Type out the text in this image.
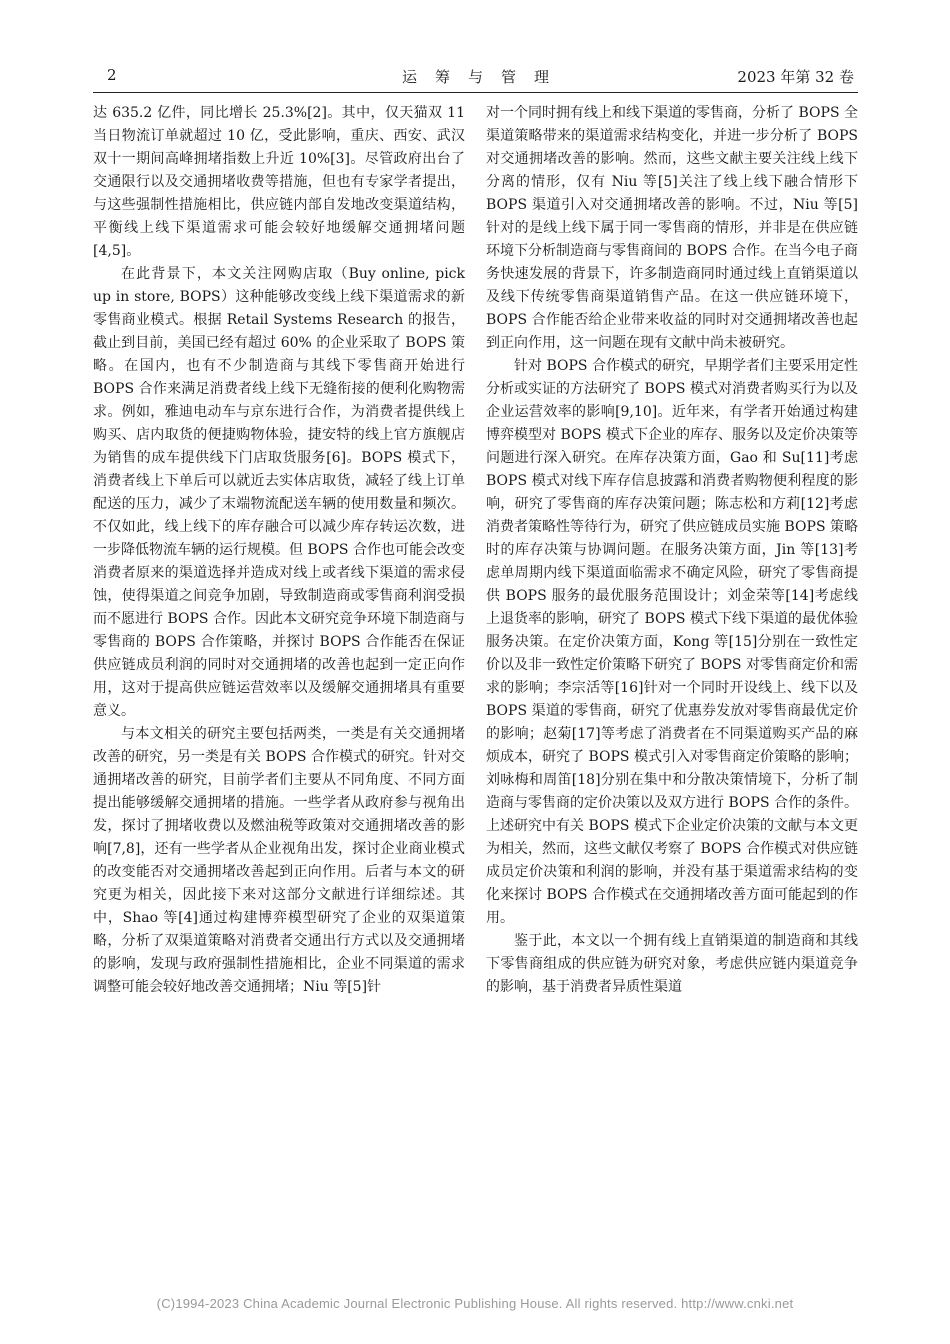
2	运筹与管理	2023 年第 32 卷

达 635.2 亿件，同比增长 25.3%[2]。其中，仅天猫双 11 当日物流订单就超过 10 亿，受此影响，重庆、西安、武汉双十一期间高峰拥堵指数上升近 10%[3]。尽管政府出台了交通限行以及交通拥堵收费等措施，但也有专家学者提出，与这些强制性措施相比，供应链内部自发地改变渠道结构，平衡线上线下渠道需求可能会较好地缓解交通拥堵问题[4,5]。

在此背景下，本文关注网购店取（Buy online, pick up in store, BOPS）这种能够改变线上线下渠道需求的新零售商业模式。根据 Retail Systems Research 的报告，截止到目前，美国已经有超过 60% 的企业采取了 BOPS 策略。在国内，也有不少制造商与其线下零售商开始进行 BOPS 合作来满足消费者线上线下无缝衔接的便利化购物需求。例如，雅迪电动车与京东进行合作，为消费者提供线上购买、店内取货的便捷购物体验，捷安特的线上官方旗舰店为销售的成车提供线下门店取货服务[6]。BOPS 模式下，消费者线上下单后可以就近去实体店取货，减轻了线上订单配送的压力，减少了末端物流配送车辆的使用数量和频次。不仅如此，线上线下的库存融合可以减少库存转运次数，进一步降低物流车辆的运行规模。但 BOPS 合作也可能会改变消费者原来的渠道选择并造成对线上或者线下渠道的需求侵蚀，使得渠道之间竞争加剧，导致制造商或零售商利润受损而不愿进行 BOPS 合作。因此本文研究竞争环境下制造商与零售商的 BOPS 合作策略，并探讨 BOPS 合作能否在保证供应链成员利润的同时对交通拥堵的改善也起到一定正向作用，这对于提高供应链运营效率以及缓解交通拥堵具有重要意义。

与本文相关的研究主要包括两类，一类是有关交通拥堵改善的研究，另一类是有关 BOPS 合作模式的研究。针对交通拥堵改善的研究，目前学者们主要从不同角度、不同方面提出能够缓解交通拥堵的措施。一些学者从政府参与视角出发，探讨了拥堵收费以及燃油税等政策对交通拥堵改善的影响[7,8]，还有一些学者从企业视角出发，探讨企业商业模式的改变能否对交通拥堵改善起到正向作用。后者与本文的研究更为相关，因此接下来对这部分文献进行详细综述。其中，Shao 等[4]通过构建博弈模型研究了企业的双渠道策略，分析了双渠道策略对消费者交通出行方式以及交通拥堵的影响，发现与政府强制性措施相比，企业不同渠道的需求调整可能会较好地改善交通拥堵；Niu 等[5]针

对一个同时拥有线上和线下渠道的零售商，分析了 BOPS 全渠道策略带来的渠道需求结构变化，并进一步分析了 BOPS 对交通拥堵改善的影响。然而，这些文献主要关注线上线下分离的情形，仅有 Niu 等[5]关注了线上线下融合情形下 BOPS 渠道引入对交通拥堵改善的影响。不过，Niu 等[5]针对的是线上线下属于同一零售商的情形，并非是在供应链环境下分析制造商与零售商间的 BOPS 合作。在当今电子商务快速发展的背景下，许多制造商同时通过线上直销渠道以及线下传统零售商渠道销售产品。在这一供应链环境下，BOPS 合作能否给企业带来收益的同时对交通拥堵改善也起到正向作用，这一问题在现有文献中尚未被研究。

针对 BOPS 合作模式的研究，早期学者们主要采用定性分析或实证的方法研究了 BOPS 模式对消费者购买行为以及企业运营效率的影响[9,10]。近年来，有学者开始通过构建博弈模型对 BOPS 模式下企业的库存、服务以及定价决策等问题进行深入研究。在库存决策方面，Gao 和 Su[11]考虑 BOPS 模式对线下库存信息披露和消费者购物便利程度的影响，研究了零售商的库存决策问题；陈志松和方莉[12]考虑消费者策略性等待行为，研究了供应链成员实施 BOPS 策略时的库存决策与协调问题。在服务决策方面，Jin 等[13]考虑单周期内线下渠道面临需求不确定风险，研究了零售商提供 BOPS 服务的最优服务范围设计；刘金荣等[14]考虑线上退货率的影响，研究了 BOPS 模式下线下渠道的最优体验服务决策。在定价决策方面，Kong 等[15]分别在一致性定价以及非一致性定价策略下研究了 BOPS 对零售商定价和需求的影响；李宗活等[16]针对一个同时开设线上、线下以及 BOPS 渠道的零售商，研究了优惠券发放对零售商最优定价的影响；赵菊[17]等考虑了消费者在不同渠道购买产品的麻烦成本，研究了 BOPS 模式引入对零售商定价策略的影响；刘咏梅和周笛[18]分别在集中和分散决策情境下，分析了制造商与零售商的定价决策以及双方进行 BOPS 合作的条件。上述研究中有关 BOPS 模式下企业定价决策的文献与本文更为相关，然而，这些文献仅考察了 BOPS 合作模式对供应链成员定价决策和利润的影响，并没有基于渠道需求结构的变化来探讨 BOPS 合作模式在交通拥堵改善方面可能起到的作用。

鉴于此，本文以一个拥有线上直销渠道的制造商和其线下零售商组成的供应链为研究对象，考虑供应链内渠道竞争的影响，基于消费者异质性渠道

(C)1994-2023 China Academic Journal Electronic Publishing House. All rights reserved. http://www.cnki.net
